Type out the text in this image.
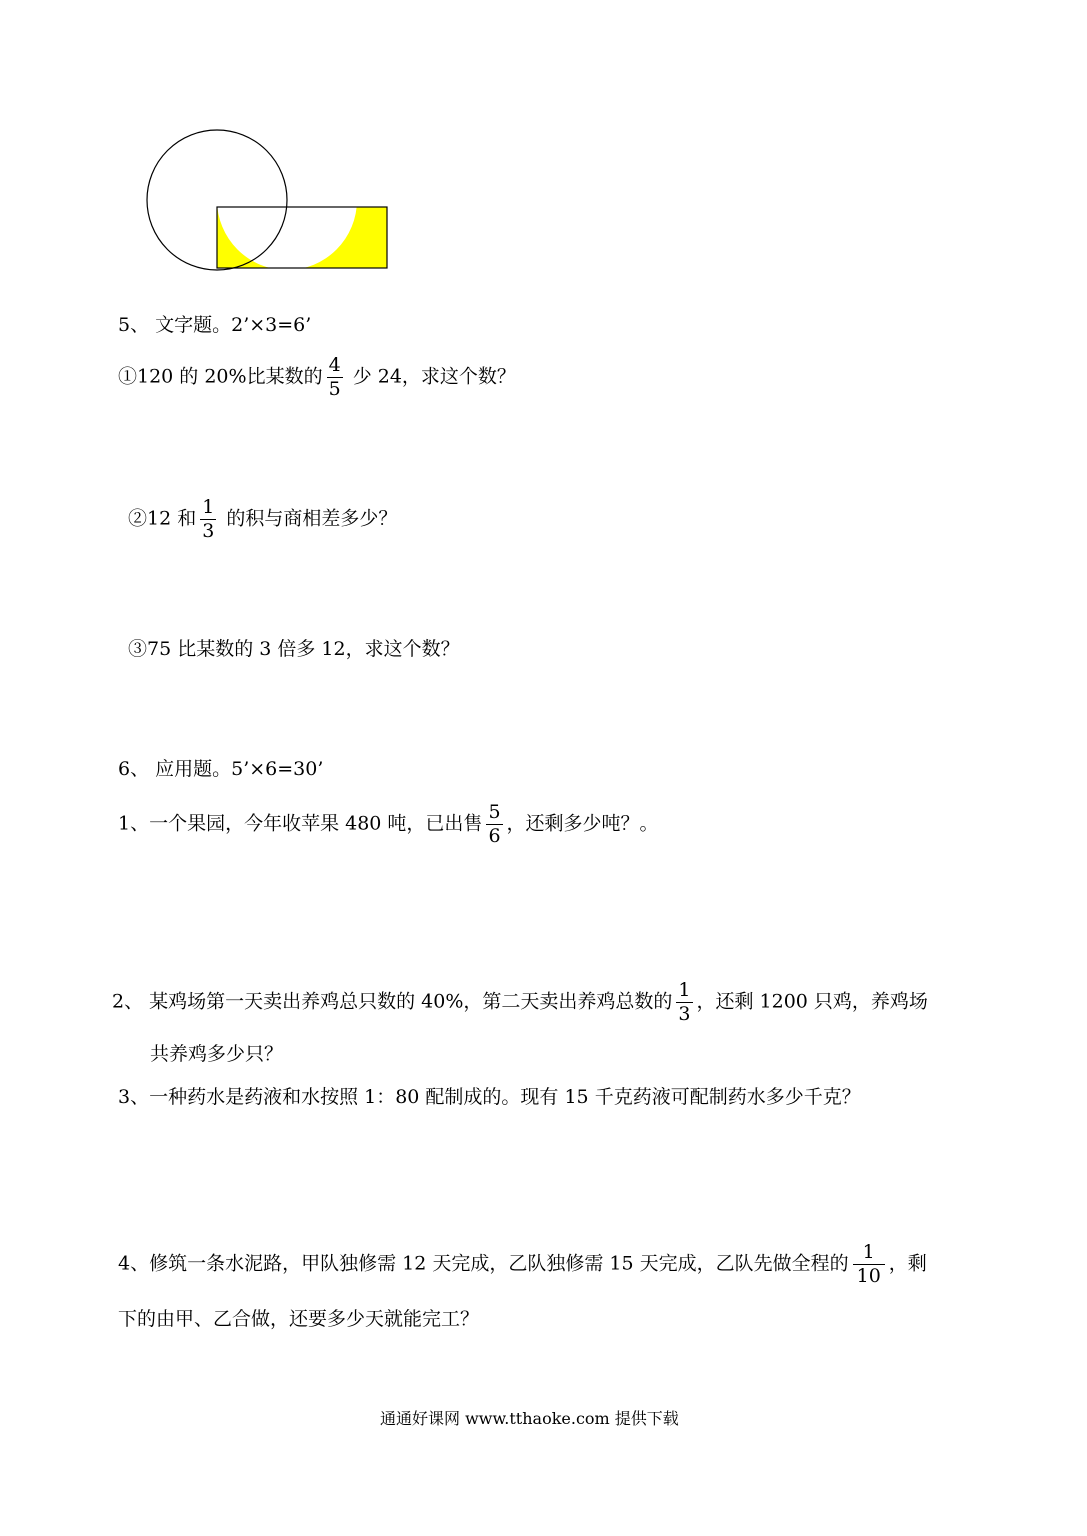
5、 文字题。2’×3=6’
①120 的 20%比某数的 $\frac{4}{5}$ 少 24，求这个数？
②12 和 $\frac{1}{3}$ 的积与商相差多少？
③75 比某数的 3 倍多 12，求这个数？
6、 应用题。5’×6=30’
1、一个果园，今年收苹果 480 吨，已出售 $\frac{5}{6}$ ，还剩多少吨？。
2、 某鸡场第一天卖出养鸡总只数的 40%，第二天卖出养鸡总数的 $\frac{1}{3}$ ，还剩 1200 只鸡，养鸡场
共养鸡多少只？
3、一种药水是药液和水按照 1：80 配制成的。现有 15 千克药液可配制药水多少千克？
4、修筑一条水泥路，甲队独修需 12 天完成，乙队独修需 15 天完成，乙队先做全程的 $\frac{1}{10}$ ，剩
下的由甲、乙合做，还要多少天就能完工？
通通好课网 www.tthaoke.com 提供下载
